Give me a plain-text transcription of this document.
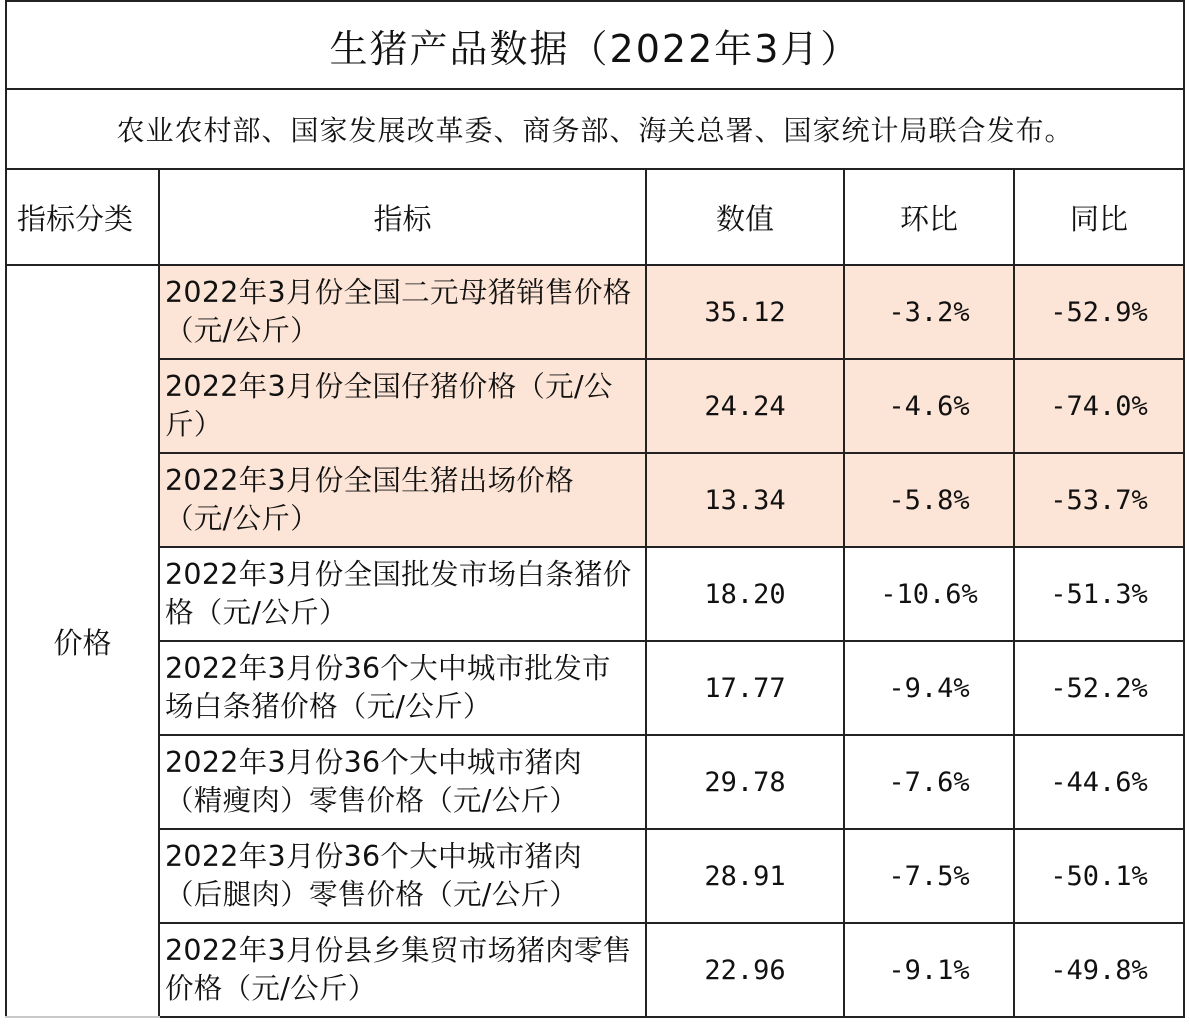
生猪产品数据（2022年3月）				
农业农村部、国家发展改革委、商务部、海关总署、国家统计局联合发布。				
指标分类	指标	数值	环比	同比
价格	2022年3月份全国二元母猪销售价格（元/公斤）	35.12	-3.2%	-52.9%
	2022年3月份全国仔猪价格（元/公斤）	24.24	-4.6%	-74.0%
	2022年3月份全国生猪出场价格（元/公斤）	13.34	-5.8%	-53.7%
	2022年3月份全国批发市场白条猪价格（元/公斤）	18.20	-10.6%	-51.3%
	2022年3月份36个大中城市批发市场白条猪价格（元/公斤）	17.77	-9.4%	-52.2%
	2022年3月份36个大中城市猪肉（精瘦肉）零售价格（元/公斤）	29.78	-7.6%	-44.6%
	2022年3月份36个大中城市猪肉（后腿肉）零售价格（元/公斤）	28.91	-7.5%	-50.1%
	2022年3月份县乡集贸市场猪肉零售价格（元/公斤）	22.96	-9.1%	-49.8%
